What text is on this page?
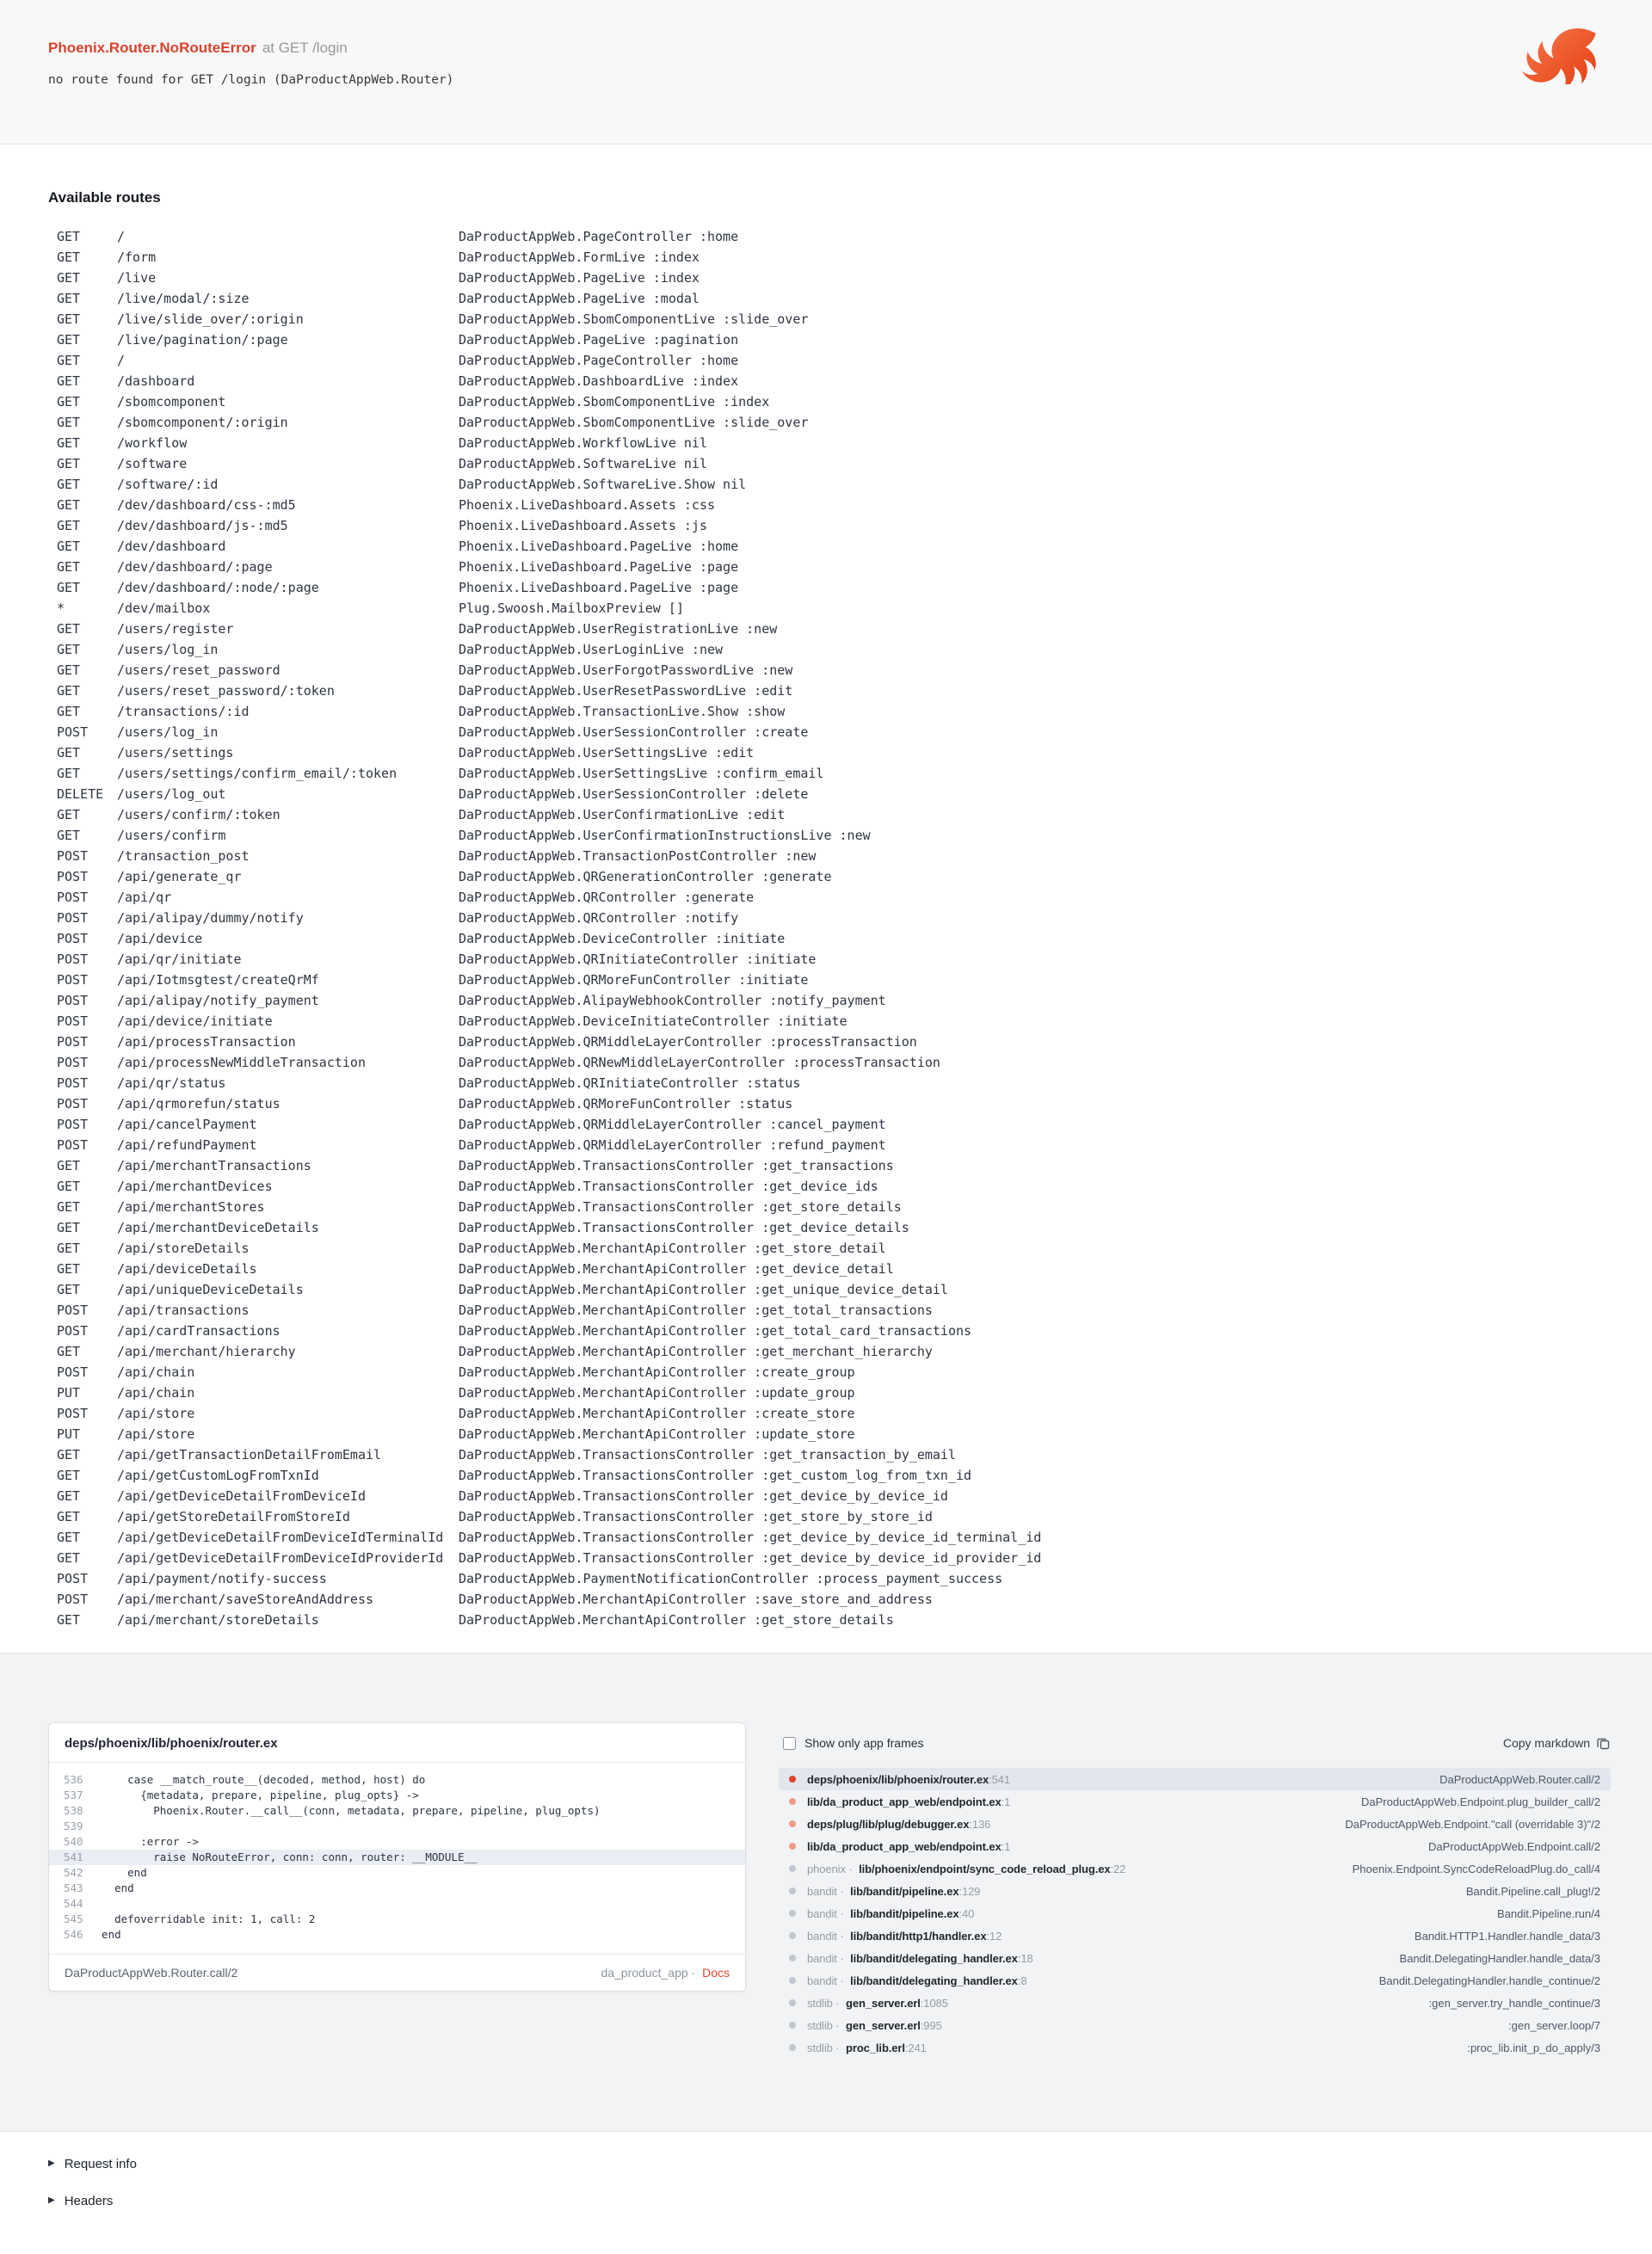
Phoenix.Router.NoRouteError at GET /login
no route found for GET /login (DaProductAppWeb.Router)
Available routes
GET	/	DaProductAppWeb.PageController :home
GET	/form	DaProductAppWeb.FormLive :index
GET	/live	DaProductAppWeb.PageLive :index
GET	/live/modal/:size	DaProductAppWeb.PageLive :modal
GET	/live/slide_over/:origin	DaProductAppWeb.SbomComponentLive :slide_over
GET	/live/pagination/:page	DaProductAppWeb.PageLive :pagination
GET	/	DaProductAppWeb.PageController :home
GET	/dashboard	DaProductAppWeb.DashboardLive :index
GET	/sbomcomponent	DaProductAppWeb.SbomComponentLive :index
GET	/sbomcomponent/:origin	DaProductAppWeb.SbomComponentLive :slide_over
GET	/workflow	DaProductAppWeb.WorkflowLive nil
GET	/software	DaProductAppWeb.SoftwareLive nil
GET	/software/:id	DaProductAppWeb.SoftwareLive.Show nil
GET	/dev/dashboard/css-:md5	Phoenix.LiveDashboard.Assets :css
GET	/dev/dashboard/js-:md5	Phoenix.LiveDashboard.Assets :js
GET	/dev/dashboard	Phoenix.LiveDashboard.PageLive :home
GET	/dev/dashboard/:page	Phoenix.LiveDashboard.PageLive :page
GET	/dev/dashboard/:node/:page	Phoenix.LiveDashboard.PageLive :page
*	/dev/mailbox	Plug.Swoosh.MailboxPreview []
GET	/users/register	DaProductAppWeb.UserRegistrationLive :new
GET	/users/log_in	DaProductAppWeb.UserLoginLive :new
GET	/users/reset_password	DaProductAppWeb.UserForgotPasswordLive :new
GET	/users/reset_password/:token	DaProductAppWeb.UserResetPasswordLive :edit
GET	/transactions/:id	DaProductAppWeb.TransactionLive.Show :show
POST	/users/log_in	DaProductAppWeb.UserSessionController :create
GET	/users/settings	DaProductAppWeb.UserSettingsLive :edit
GET	/users/settings/confirm_email/:token	DaProductAppWeb.UserSettingsLive :confirm_email
DELETE	/users/log_out	DaProductAppWeb.UserSessionController :delete
GET	/users/confirm/:token	DaProductAppWeb.UserConfirmationLive :edit
GET	/users/confirm	DaProductAppWeb.UserConfirmationInstructionsLive :new
POST	/transaction_post	DaProductAppWeb.TransactionPostController :new
POST	/api/generate_qr	DaProductAppWeb.QRGenerationController :generate
POST	/api/qr	DaProductAppWeb.QRController :generate
POST	/api/alipay/dummy/notify	DaProductAppWeb.QRController :notify
POST	/api/device	DaProductAppWeb.DeviceController :initiate
POST	/api/qr/initiate	DaProductAppWeb.QRInitiateController :initiate
POST	/api/Iotmsgtest/createQrMf	DaProductAppWeb.QRMoreFunController :initiate
POST	/api/alipay/notify_payment	DaProductAppWeb.AlipayWebhookController :notify_payment
POST	/api/device/initiate	DaProductAppWeb.DeviceInitiateController :initiate
POST	/api/processTransaction	DaProductAppWeb.QRMiddleLayerController :processTransaction
POST	/api/processNewMiddleTransaction	DaProductAppWeb.QRNewMiddleLayerController :processTransaction
POST	/api/qr/status	DaProductAppWeb.QRInitiateController :status
POST	/api/qrmorefun/status	DaProductAppWeb.QRMoreFunController :status
POST	/api/cancelPayment	DaProductAppWeb.QRMiddleLayerController :cancel_payment
POST	/api/refundPayment	DaProductAppWeb.QRMiddleLayerController :refund_payment
GET	/api/merchantTransactions	DaProductAppWeb.TransactionsController :get_transactions
GET	/api/merchantDevices	DaProductAppWeb.TransactionsController :get_device_ids
GET	/api/merchantStores	DaProductAppWeb.TransactionsController :get_store_details
GET	/api/merchantDeviceDetails	DaProductAppWeb.TransactionsController :get_device_details
GET	/api/storeDetails	DaProductAppWeb.MerchantApiController :get_store_detail
GET	/api/deviceDetails	DaProductAppWeb.MerchantApiController :get_device_detail
GET	/api/uniqueDeviceDetails	DaProductAppWeb.MerchantApiController :get_unique_device_detail
POST	/api/transactions	DaProductAppWeb.MerchantApiController :get_total_transactions
POST	/api/cardTransactions	DaProductAppWeb.MerchantApiController :get_total_card_transactions
GET	/api/merchant/hierarchy	DaProductAppWeb.MerchantApiController :get_merchant_hierarchy
POST	/api/chain	DaProductAppWeb.MerchantApiController :create_group
PUT	/api/chain	DaProductAppWeb.MerchantApiController :update_group
POST	/api/store	DaProductAppWeb.MerchantApiController :create_store
PUT	/api/store	DaProductAppWeb.MerchantApiController :update_store
GET	/api/getTransactionDetailFromEmail	DaProductAppWeb.TransactionsController :get_transaction_by_email
GET	/api/getCustomLogFromTxnId	DaProductAppWeb.TransactionsController :get_custom_log_from_txn_id
GET	/api/getDeviceDetailFromDeviceId	DaProductAppWeb.TransactionsController :get_device_by_device_id
GET	/api/getStoreDetailFromStoreId	DaProductAppWeb.TransactionsController :get_store_by_store_id
GET	/api/getDeviceDetailFromDeviceIdTerminalId	DaProductAppWeb.TransactionsController :get_device_by_device_id_terminal_id
GET	/api/getDeviceDetailFromDeviceIdProviderId	DaProductAppWeb.TransactionsController :get_device_by_device_id_provider_id
POST	/api/payment/notify-success	DaProductAppWeb.PaymentNotificationController :process_payment_success
POST	/api/merchant/saveStoreAndAddress	DaProductAppWeb.MerchantApiController :save_store_and_address
GET	/api/merchant/storeDetails	DaProductAppWeb.MerchantApiController :get_store_details
deps/phoenix/lib/phoenix/router.ex
536 case __match_route__(decoded, method, host) do
537 {metadata, prepare, pipeline, plug_opts} ->
538 Phoenix.Router.__call__(conn, metadata, prepare, pipeline, plug_opts)
539
540 :error ->
541 raise NoRouteError, conn: conn, router: __MODULE__
542 end
543 end
544
545 defoverridable init: 1, call: 2
546 end
DaProductAppWeb.Router.call/2	da_product_app · Docs
Show only app frames	Copy markdown
deps/phoenix/lib/phoenix/router.ex:541	DaProductAppWeb.Router.call/2
lib/da_product_app_web/endpoint.ex:1	DaProductAppWeb.Endpoint.plug_builder_call/2
deps/plug/lib/plug/debugger.ex:136	DaProductAppWeb.Endpoint."call (overridable 3)"/2
lib/da_product_app_web/endpoint.ex:1	DaProductAppWeb.Endpoint.call/2
phoenix · lib/phoenix/endpoint/sync_code_reload_plug.ex:22	Phoenix.Endpoint.SyncCodeReloadPlug.do_call/4
bandit · lib/bandit/pipeline.ex:129	Bandit.Pipeline.call_plug!/2
bandit · lib/bandit/pipeline.ex:40	Bandit.Pipeline.run/4
bandit · lib/bandit/http1/handler.ex:12	Bandit.HTTP1.Handler.handle_data/3
bandit · lib/bandit/delegating_handler.ex:18	Bandit.DelegatingHandler.handle_data/3
bandit · lib/bandit/delegating_handler.ex:8	Bandit.DelegatingHandler.handle_continue/2
stdlib · gen_server.erl:1085	:gen_server.try_handle_continue/3
stdlib · gen_server.erl:995	:gen_server.loop/7
stdlib · proc_lib.erl:241	:proc_lib.init_p_do_apply/3
▶ Request info
▶ Headers
